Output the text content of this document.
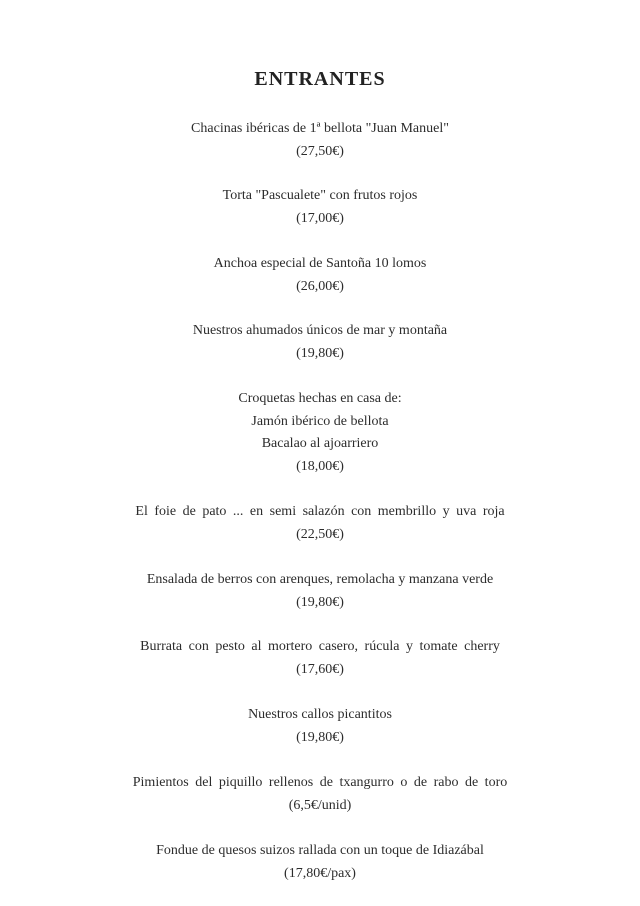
ENTRANTES
Chacinas ibéricas de 1ª bellota "Juan Manuel"
(27,50€)
Torta "Pascualete" con frutos rojos
(17,00€)
Anchoa especial de Santoña 10 lomos
(26,00€)
Nuestros ahumados únicos de mar y montaña
(19,80€)
Croquetas hechas en casa de:
Jamón ibérico de bellota
Bacalao al ajoarriero
(18,00€)
El foie de pato ... en semi salazón con membrillo y uva roja
(22,50€)
Ensalada de berros con arenques, remolacha y manzana verde
(19,80€)
Burrata con pesto al mortero casero, rúcula y tomate cherry
(17,60€)
Nuestros callos picantitos
(19,80€)
Pimientos del piquillo rellenos de txangurro o de rabo de toro
(6,5€/unid)
Fondue de quesos suizos rallada con un toque de Idiazábal
(17,80€/pax)
